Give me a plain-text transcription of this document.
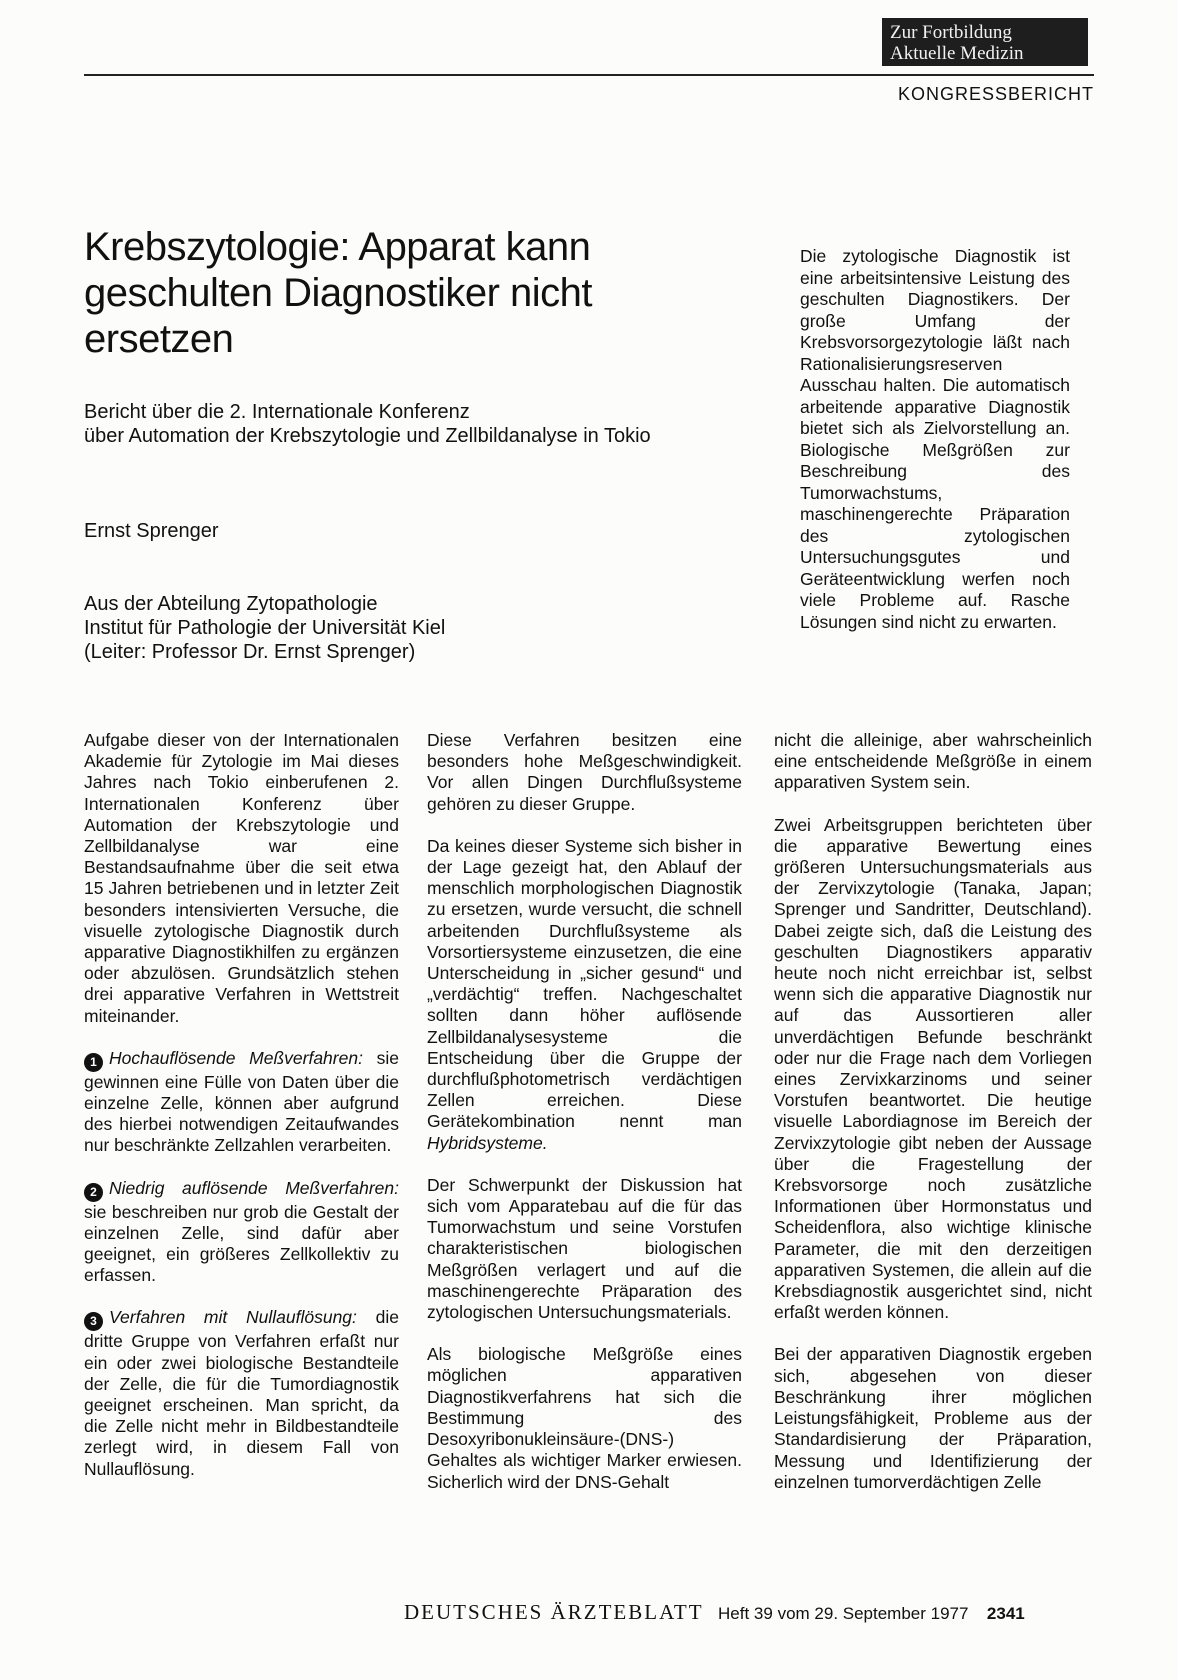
Zur Fortbildung
Aktuelle Medizin
KONGRESSBERICHT
Krebszytologie: Apparat kann geschulten Diagnostiker nicht ersetzen
Bericht über die 2. Internationale Konferenz
über Automation der Krebszytologie und Zellbildanalyse in Tokio
Ernst Sprenger
Aus der Abteilung Zytopathologie
Institut für Pathologie der Universität Kiel
(Leiter: Professor Dr. Ernst Sprenger)
Die zytologische Diagnostik ist eine arbeitsintensive Leistung des geschulten Diagnostikers. Der große Umfang der Krebsvorsorgezytologie läßt nach Rationalisierungsreserven Ausschau halten. Die automatisch arbeitende apparative Diagnostik bietet sich als Zielvorstellung an. Biologische Meßgrößen zur Beschreibung des Tumorwachstums, maschinengerechte Präparation des zytologischen Untersuchungsgutes und Geräteentwicklung werfen noch viele Probleme auf. Rasche Lösungen sind nicht zu erwarten.

Aufgabe dieser von der Internationalen Akademie für Zytologie im Mai dieses Jahres nach Tokio einberufenen 2. Internationalen Konferenz über Automation der Krebszytologie und Zellbildanalyse war eine Bestandsaufnahme über die seit etwa 15 Jahren betriebenen und in letzter Zeit besonders intensivierten Versuche, die visuelle zytologische Diagnostik durch apparative Diagnostikhilfen zu ergänzen oder abzulösen. Grundsätzlich stehen drei apparative Verfahren in Wettstreit miteinander.

1 Hochauflösende Meßverfahren: sie gewinnen eine Fülle von Daten über die einzelne Zelle, können aber aufgrund des hierbei notwendigen Zeitaufwandes nur beschränkte Zellzahlen verarbeiten.

2 Niedrig auflösende Meßverfahren: sie beschreiben nur grob die Gestalt der einzelnen Zelle, sind dafür aber geeignet, ein größeres Zellkollektiv zu erfassen.

3 Verfahren mit Nullauflösung: die dritte Gruppe von Verfahren erfaßt nur ein oder zwei biologische Bestandteile der Zelle, die für die Tumordiagnostik geeignet erscheinen. Man spricht, da die Zelle nicht mehr in Bildbestandteile zerlegt wird, in diesem Fall von Nullauflösung.

Diese Verfahren besitzen eine besonders hohe Meßgeschwindigkeit. Vor allen Dingen Durchflußsysteme gehören zu dieser Gruppe.

Da keines dieser Systeme sich bisher in der Lage gezeigt hat, den Ablauf der menschlich morphologischen Diagnostik zu ersetzen, wurde versucht, die schnell arbeitenden Durchflußsysteme als Vorsortiersysteme einzusetzen, die eine Unterscheidung in „sicher gesund“ und „verdächtig“ treffen. Nachgeschaltet sollten dann höher auflösende Zellbildanalysesysteme die Entscheidung über die Gruppe der durchflußphotometrisch verdächtigen Zellen erreichen. Diese Gerätekombination nennt man Hybridsysteme.

Der Schwerpunkt der Diskussion hat sich vom Apparatebau auf die für das Tumorwachstum und seine Vorstufen charakteristischen biologischen Meßgrößen verlagert und auf die maschinengerechte Präparation des zytologischen Untersuchungsmaterials.

Als biologische Meßgröße eines möglichen apparativen Diagnostikverfahrens hat sich die Bestimmung des Desoxyribonukleinsäure-(DNS-) Gehaltes als wichtiger Marker erwiesen. Sicherlich wird der DNS-Gehalt

nicht die alleinige, aber wahrscheinlich eine entscheidende Meßgröße in einem apparativen System sein.

Zwei Arbeitsgruppen berichteten über die apparative Bewertung eines größeren Untersuchungsmaterials aus der Zervixzytologie (Tanaka, Japan; Sprenger und Sandritter, Deutschland). Dabei zeigte sich, daß die Leistung des geschulten Diagnostikers apparativ heute noch nicht erreichbar ist, selbst wenn sich die apparative Diagnostik nur auf das Aussortieren aller unverdächtigen Befunde beschränkt oder nur die Frage nach dem Vorliegen eines Zervixkarzinoms und seiner Vorstufen beantwortet. Die heutige visuelle Labordiagnose im Bereich der Zervixzytologie gibt neben der Aussage über die Fragestellung der Krebsvorsorge noch zusätzliche Informationen über Hormonstatus und Scheidenflora, also wichtige klinische Parameter, die mit den derzeitigen apparativen Systemen, die allein auf die Krebsdiagnostik ausgerichtet sind, nicht erfaßt werden können.

Bei der apparativen Diagnostik ergeben sich, abgesehen von dieser Beschränkung ihrer möglichen Leistungsfähigkeit, Probleme aus der Standardisierung der Präparation, Messung und Identifizierung der einzelnen tumorverdächtigen Zelle

DEUTSCHES ÄRZTEBLATT Heft 39 vom 29. September 1977 2341
